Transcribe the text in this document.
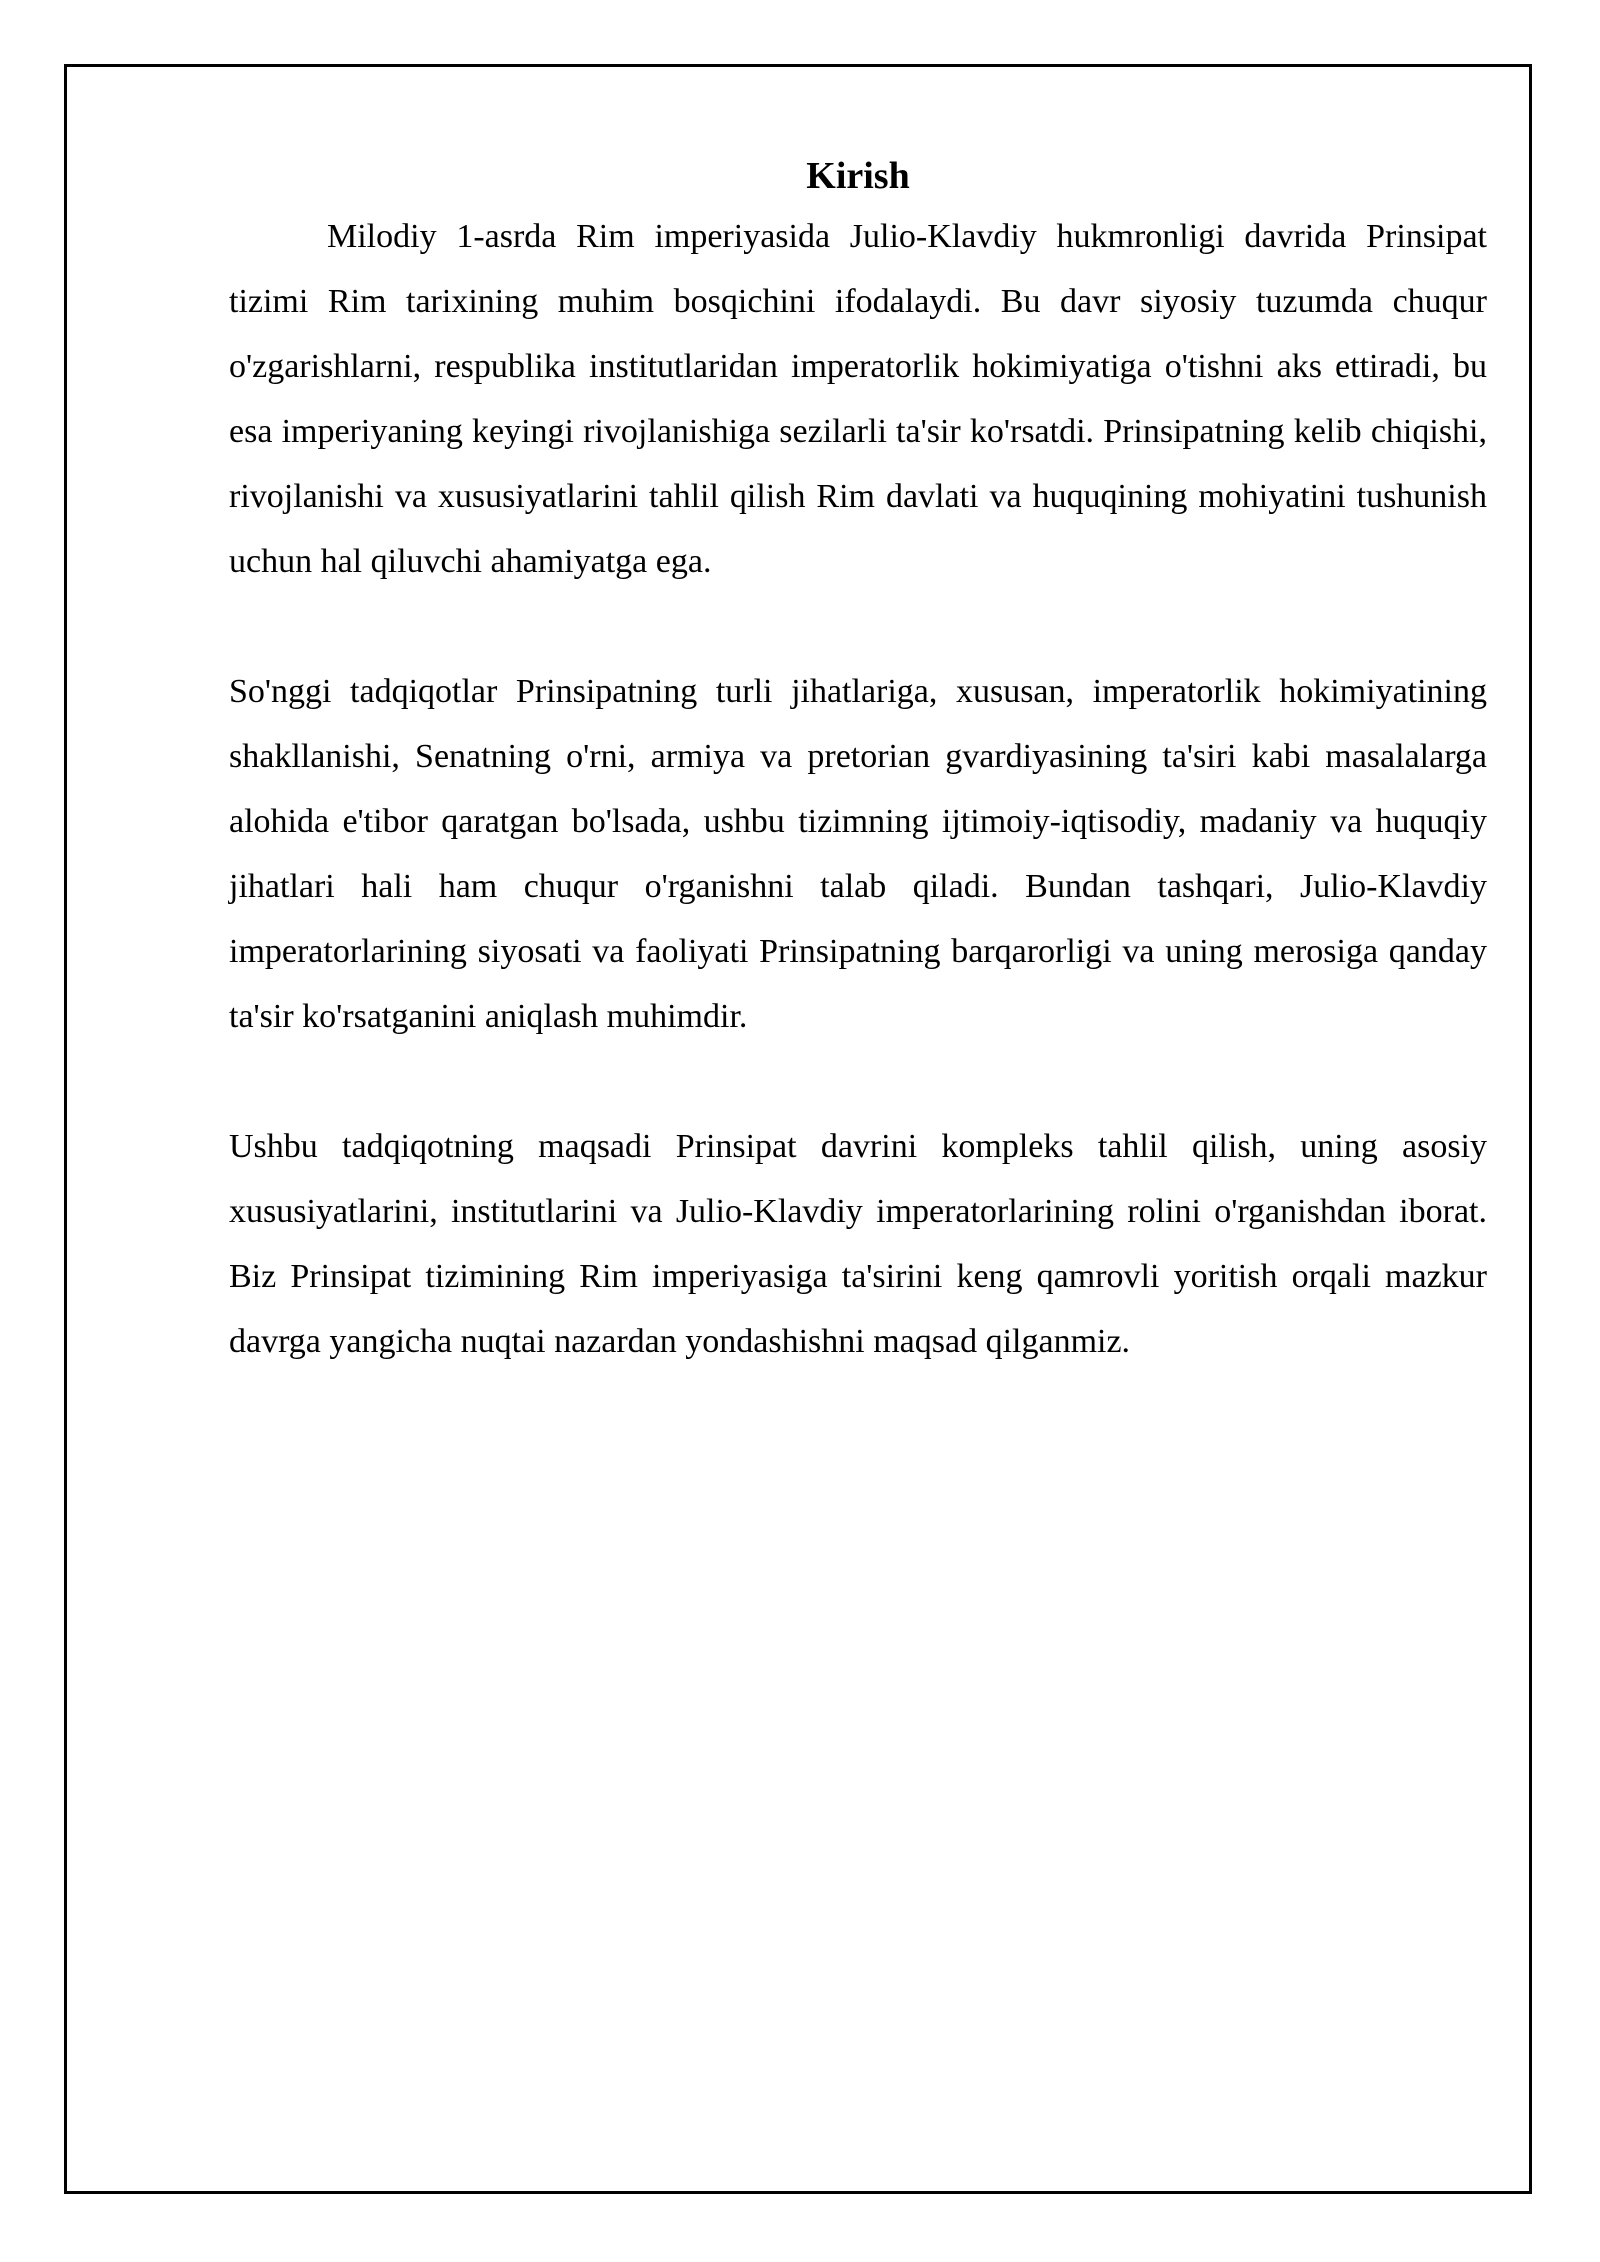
Kirish

Milodiy 1-asrda Rim imperiyasida Julio-Klavdiy hukmronligi davrida Prinsipat tizimi Rim tarixining muhim bosqichini ifodalaydi. Bu davr siyosiy tuzumda chuqur o'zgarishlarni, respublika institutlaridan imperatorlik hokimiyatiga o'tishni aks ettiradi, bu esa imperiyaning keyingi rivojlanishiga sezilarli ta'sir ko'rsatdi. Prinsipatning kelib chiqishi, rivojlanishi va xususiyatlarini tahlil qilish Rim davlati va huquqining mohiyatini tushunish uchun hal qiluvchi ahamiyatga ega.

So'nggi tadqiqotlar Prinsipatning turli jihatlariga, xususan, imperatorlik hokimiyatining shakllanishi, Senatning o'rni, armiya va pretorian gvardiyasining ta'siri kabi masalalarga alohida e'tibor qaratgan bo'lsada, ushbu tizimning ijtimoiy-iqtisodiy, madaniy va huquqiy jihatlari hali ham chuqur o'rganishni talab qiladi. Bundan tashqari, Julio-Klavdiy imperatorlarining siyosati va faoliyati Prinsipatning barqarorligi va uning merosiga qanday ta'sir ko'rsatganini aniqlash muhimdir.

Ushbu tadqiqotning maqsadi Prinsipat davrini kompleks tahlil qilish, uning asosiy xususiyatlarini, institutlarini va Julio-Klavdiy imperatorlarining rolini o'rganishdan iborat. Biz Prinsipat tizimining Rim imperiyasiga ta'sirini keng qamrovli yoritish orqali mazkur davrga yangicha nuqtai nazardan yondashishni maqsad qilganmiz.
